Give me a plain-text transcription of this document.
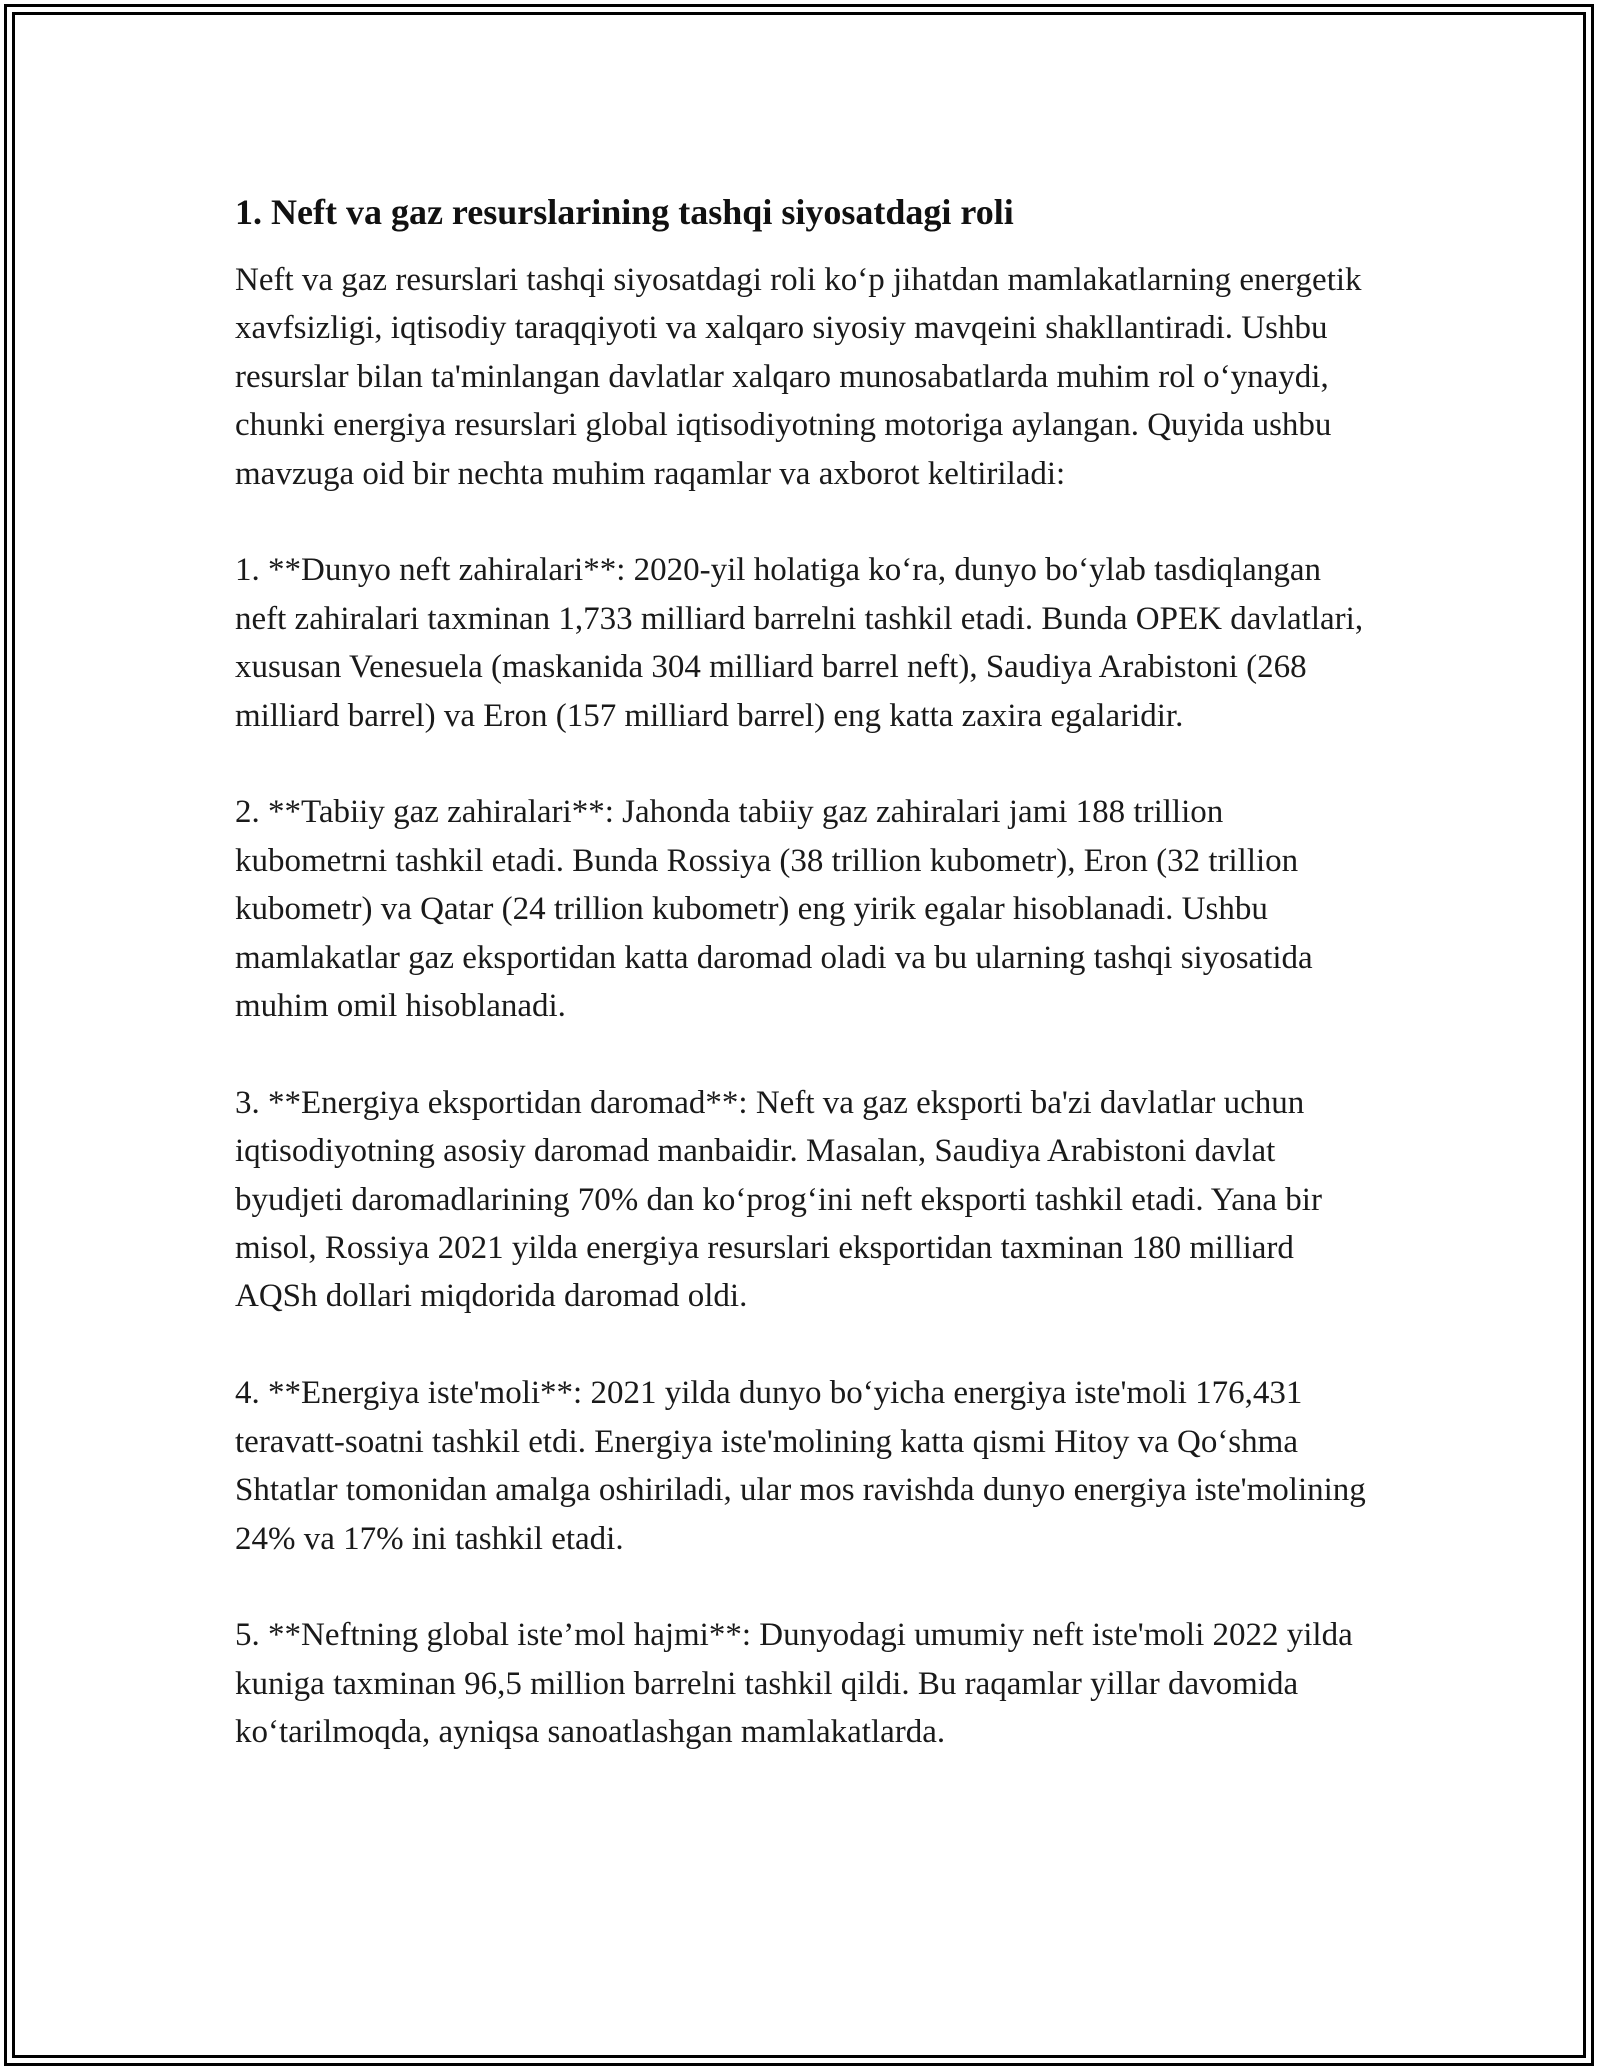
1. Neft va gaz resurslarining tashqi siyosatdagi roli

Neft va gaz resurslari tashqi siyosatdagi roli ko‘p jihatdan mamlakatlarning energetik xavfsizligi, iqtisodiy taraqqiyoti va xalqaro siyosiy mavqeini shakllantiradi. Ushbu resurslar bilan ta'minlangan davlatlar xalqaro munosabatlarda muhim rol o‘ynaydi, chunki energiya resurslari global iqtisodiyotning motoriga aylangan. Quyida ushbu mavzuga oid bir nechta muhim raqamlar va axborot keltiriladi:

1. **Dunyo neft zahiralari**: 2020-yil holatiga ko‘ra, dunyo bo‘ylab tasdiqlangan neft zahiralari taxminan 1,733 milliard barrelni tashkil etadi. Bunda OPEK davlatlari, xususan Venesuela (maskanida 304 milliard barrel neft), Saudiya Arabistoni (268 milliard barrel) va Eron (157 milliard barrel) eng katta zaxira egalaridir.

2. **Tabiiy gaz zahiralari**: Jahonda tabiiy gaz zahiralari jami 188 trillion kubometrni tashkil etadi. Bunda Rossiya (38 trillion kubometr), Eron (32 trillion kubometr) va Qatar (24 trillion kubometr) eng yirik egalar hisoblanadi. Ushbu mamlakatlar gaz eksportidan katta daromad oladi va bu ularning tashqi siyosatida muhim omil hisoblanadi.

3. **Energiya eksportidan daromad**: Neft va gaz eksporti ba'zi davlatlar uchun iqtisodiyotning asosiy daromad manbaidir. Masalan, Saudiya Arabistoni davlat byudjeti daromadlarining 70% dan ko‘prog‘ini neft eksporti tashkil etadi. Yana bir misol, Rossiya 2021 yilda energiya resurslari eksportidan taxminan 180 milliard AQSh dollari miqdorida daromad oldi.

4. **Energiya iste'moli**: 2021 yilda dunyo bo‘yicha energiya iste'moli 176,431 teravatt-soatni tashkil etdi. Energiya iste'molining katta qismi Hitoy va Qo‘shma Shtatlar tomonidan amalga oshiriladi, ular mos ravishda dunyo energiya iste'molining 24% va 17% ini tashkil etadi.

5. **Neftning global iste’mol hajmi**: Dunyodagi umumiy neft iste'moli 2022 yilda kuniga taxminan 96,5 million barrelni tashkil qildi. Bu raqamlar yillar davomida ko‘tarilmoqda, ayniqsa sanoatlashgan mamlakatlarda.
